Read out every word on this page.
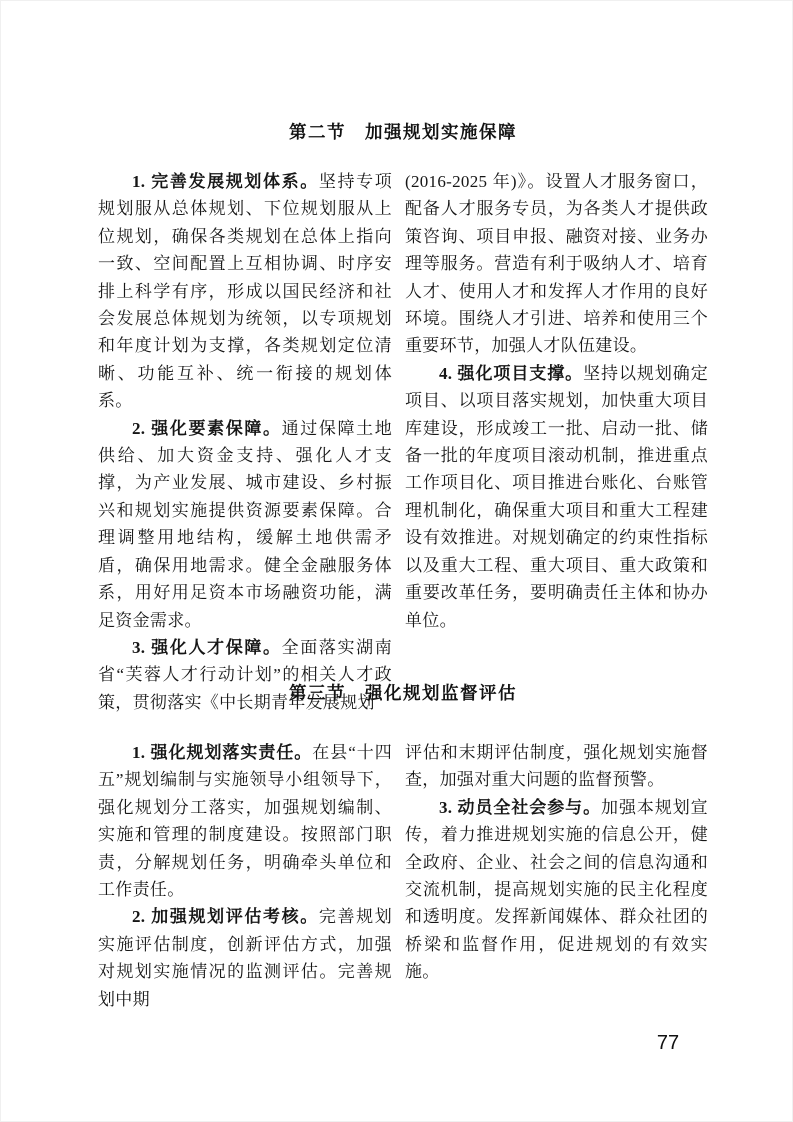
第二节　加强规划实施保障

1. 完善发展规划体系。坚持专项规划服从总体规划、下位规划服从上位规划，确保各类规划在总体上指向一致、空间配置上互相协调、时序安排上科学有序，形成以国民经济和社会发展总体规划为统领，以专项规划和年度计划为支撑，各类规划定位清晰、功能互补、统一衔接的规划体系。

2. 强化要素保障。通过保障土地供给、加大资金支持、强化人才支撑，为产业发展、城市建设、乡村振兴和规划实施提供资源要素保障。合理调整用地结构，缓解土地供需矛盾，确保用地需求。健全金融服务体系，用好用足资本市场融资功能，满足资金需求。

3. 强化人才保障。全面落实湖南省“芙蓉人才行动计划”的相关人才政策，贯彻落实《中长期青年发展规划

(2016-2025 年)》。设置人才服务窗口，配备人才服务专员，为各类人才提供政策咨询、项目申报、融资对接、业务办理等服务。营造有利于吸纳人才、培育人才、使用人才和发挥人才作用的良好环境。围绕人才引进、培养和使用三个重要环节，加强人才队伍建设。

4. 强化项目支撑。坚持以规划确定项目、以项目落实规划，加快重大项目库建设，形成竣工一批、启动一批、储备一批的年度项目滚动机制，推进重点工作项目化、项目推进台账化、台账管理机制化，确保重大项目和重大工程建设有效推进。对规划确定的约束性指标以及重大工程、重大项目、重大政策和重要改革任务，要明确责任主体和协办单位。

第三节　强化规划监督评估

1. 强化规划落实责任。在县“十四五”规划编制与实施领导小组领导下，强化规划分工落实，加强规划编制、实施和管理的制度建设。按照部门职责，分解规划任务，明确牵头单位和工作责任。

2. 加强规划评估考核。完善规划实施评估制度，创新评估方式，加强对规划实施情况的监测评估。完善规划中期

评估和末期评估制度，强化规划实施督查，加强对重大问题的监督预警。

3. 动员全社会参与。加强本规划宣传，着力推进规划实施的信息公开，健全政府、企业、社会之间的信息沟通和交流机制，提高规划实施的民主化程度和透明度。发挥新闻媒体、群众社团的桥梁和监督作用，促进规划的有效实施。

77
